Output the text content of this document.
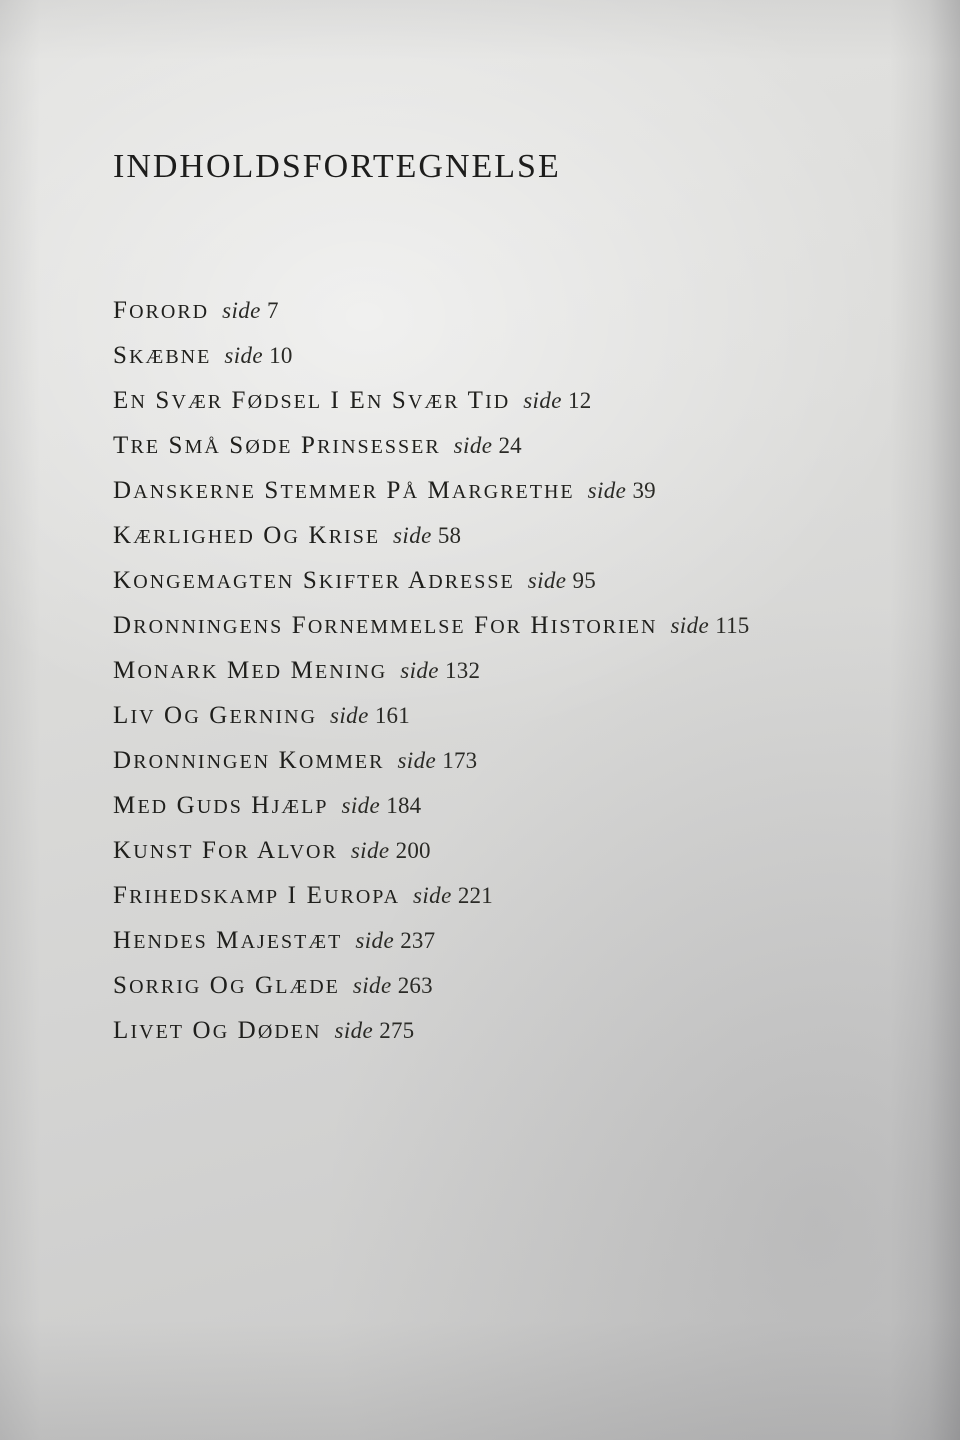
INDHOLDSFORTEGNELSE
FORORD side 7
SKÆBNE side 10
EN SVÆR FØDSEL I EN SVÆR TID side 12
TRE SMÅ SØDE PRINSESSER side 24
DANSKERNE STEMMER PÅ MARGRETHE side 39
KÆRLIGHED OG KRISE side 58
KONGEMAGTEN SKIFTER ADRESSE side 95
DRONNINGENS FORNEMMELSE FOR HISTORIEN side 115
MONARK MED MENING side 132
LIV OG GERNING side 161
DRONNINGEN KOMMER side 173
MED GUDS HJÆLP side 184
KUNST FOR ALVOR side 200
FRIHEDSKAMP I EUROPA side 221
HENDES MAJESTÆT side 237
SORRIG OG GLÆDE side 263
LIVET OG DØDEN side 275
